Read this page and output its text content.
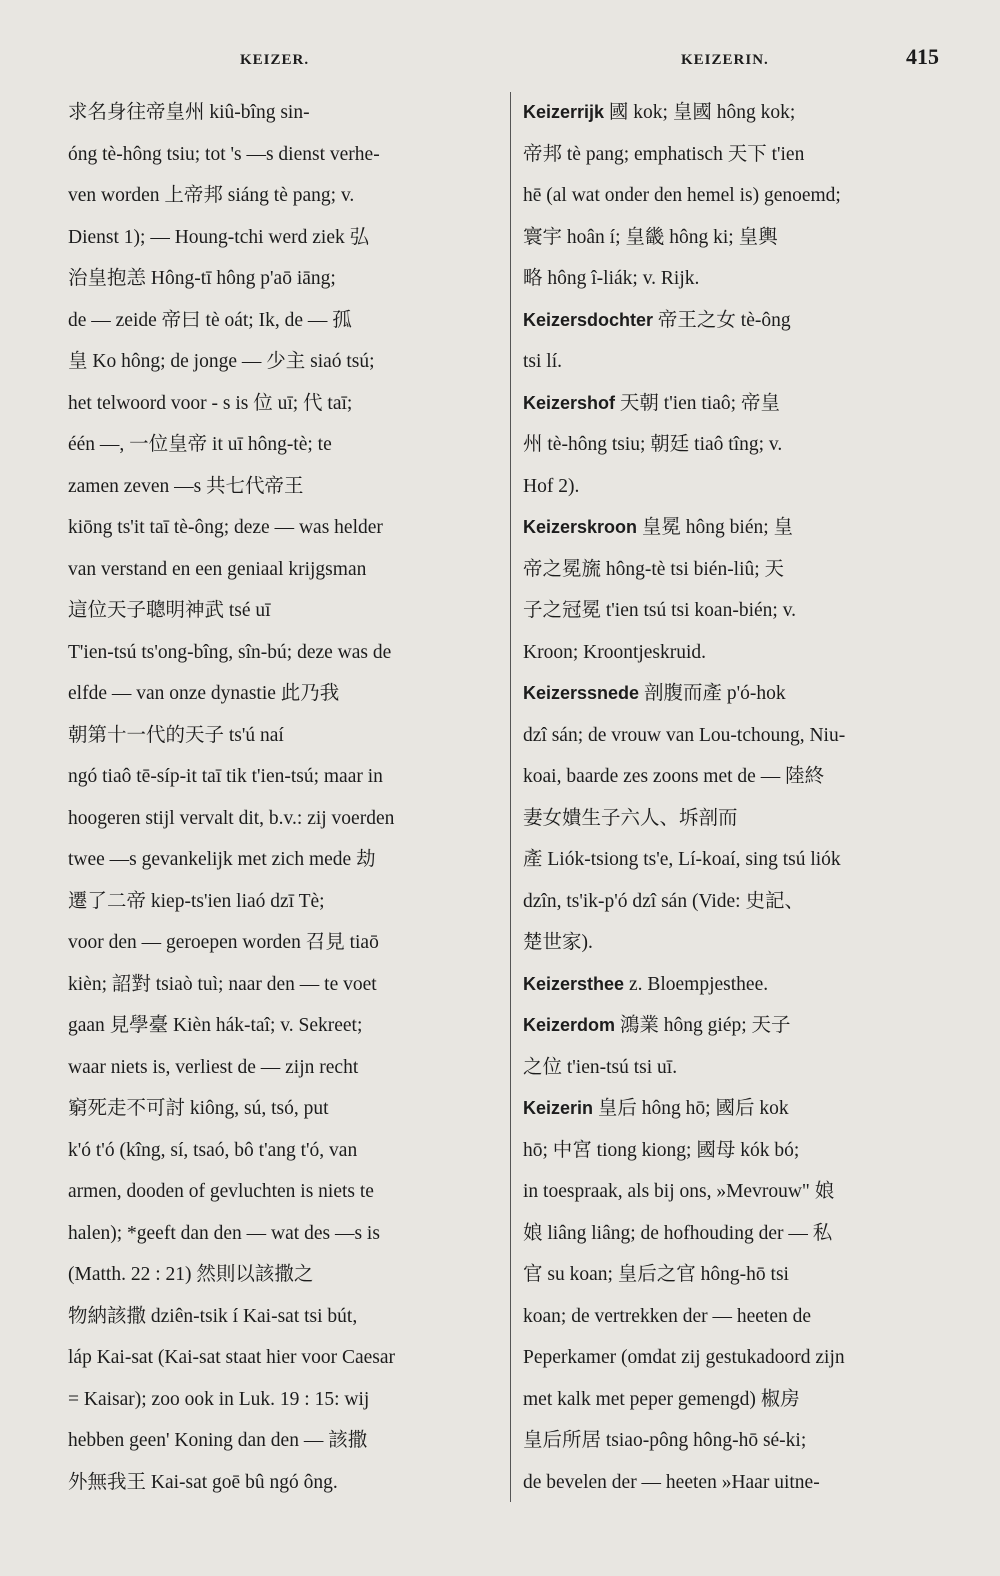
KEIZER.	KEIZERIN.	415
求名身往帝皇州 kiû-bîng sin-
óng tè-hông tsiu; tot 's —s dienst verhe-
ven worden 上帝邦 siáng tè pang; v.
Dienst 1); — Houng-tchi werd ziek 弘
治皇抱恙 Hông-tī hông p'aō iāng;
de — zeide 帝曰 tè oát; Ik, de — 孤
皇 Ko hông; de jonge — 少主 siaó tsú;
het telwoord voor - s is 位 uī; 代 taī;
één —, 一位皇帝 it uī hông-tè; te
zamen zeven —s 共七代帝王
kiōng ts'it taī tè-ông; deze — was helder
van verstand en een geniaal krijgsman
這位天子聰明神武 tsé uī
T'ien-tsú ts'ong-bîng, sîn-bú; deze was de
elfde — van onze dynastie 此乃我
朝第十一代的天子 ts'ú naí
ngó tiaô tē-síp-it taī tik t'ien-tsú; maar in
hoogeren stijl vervalt dit, b.v.: zij voerden
twee —s gevankelijk met zich mede 劫
遷了二帝 kiep-ts'ien liaó dzī Tè;
voor den — geroepen worden 召見 tiaō
kièn; 詔對 tsiaò tuì; naar den — te voet
gaan 見學臺 Kièn hák-taî; v. Sekreet;
waar niets is, verliest de — zijn recht
窮死走不可討 kiông, sú, tsó, put
k'ó t'ó (kîng, sí, tsaó, bô t'ang t'ó, van
armen, dooden of gevluchten is niets te
halen); *geeft dan den — wat des —s is
(Matth. 22 : 21) 然則以該撒之
物納該撒 dziên-tsik í Kai-sat tsi bút,
láp Kai-sat (Kai-sat staat hier voor Caesar
= Kaisar); zoo ook in Luk. 19 : 15: wij
hebben geen' Koning dan den — 該撒
外無我王 Kai-sat goē bû ngó ông.
Keizerrijk 國 kok; 皇國 hông kok;
帝邦 tè pang; emphatisch 天下 t'ien
hē (al wat onder den hemel is) genoemd;
寰宇 hoân í; 皇畿 hông ki; 皇輿
略 hông î-liák; v. Rijk.
Keizersdochter 帝王之女 tè-ông
tsi lí.
Keizershof 天朝 t'ien tiaô; 帝皇
州 tè-hông tsiu; 朝廷 tiaô tîng; v.
Hof 2).
Keizerskroon 皇冕 hông bién; 皇
帝之冕旒 hông-tè tsi bién-liû; 天
子之冠冕 t'ien tsú tsi koan-bién; v.
Kroon; Kroontjeskruid.
Keizerssnede 剖腹而產 p'ó-hok
dzî sán; de vrouw van Lou-tchoung, Niu-
koai, baarde zes zoons met de — 陸終
妻女嬇生子六人、坼剖而
產 Liók-tsiong ts'e, Lí-koaí, sing tsú liók
dzîn, ts'ik-p'ó dzî sán (Vide: 史記、
楚世家).
Keizersthee z. Bloempjesthee.
Keizerdom 鴻業 hông giép; 天子
之位 t'ien-tsú tsi uī.
Keizerin 皇后 hông hō; 國后 kok
hō; 中宮 tiong kiong; 國母 kók bó;
in toespraak, als bij ons, »Mevrouw" 娘
娘 liâng liâng; de hofhouding der — 私
官 su koan; 皇后之官 hông-hō tsi
koan; de vertrekken der — heeten de
Peperkamer (omdat zij gestukadoord zijn
met kalk met peper gemengd) 椒房
皇后所居 tsiao-pông hông-hō sé-ki;
de bevelen der — heeten »Haar uitne-
